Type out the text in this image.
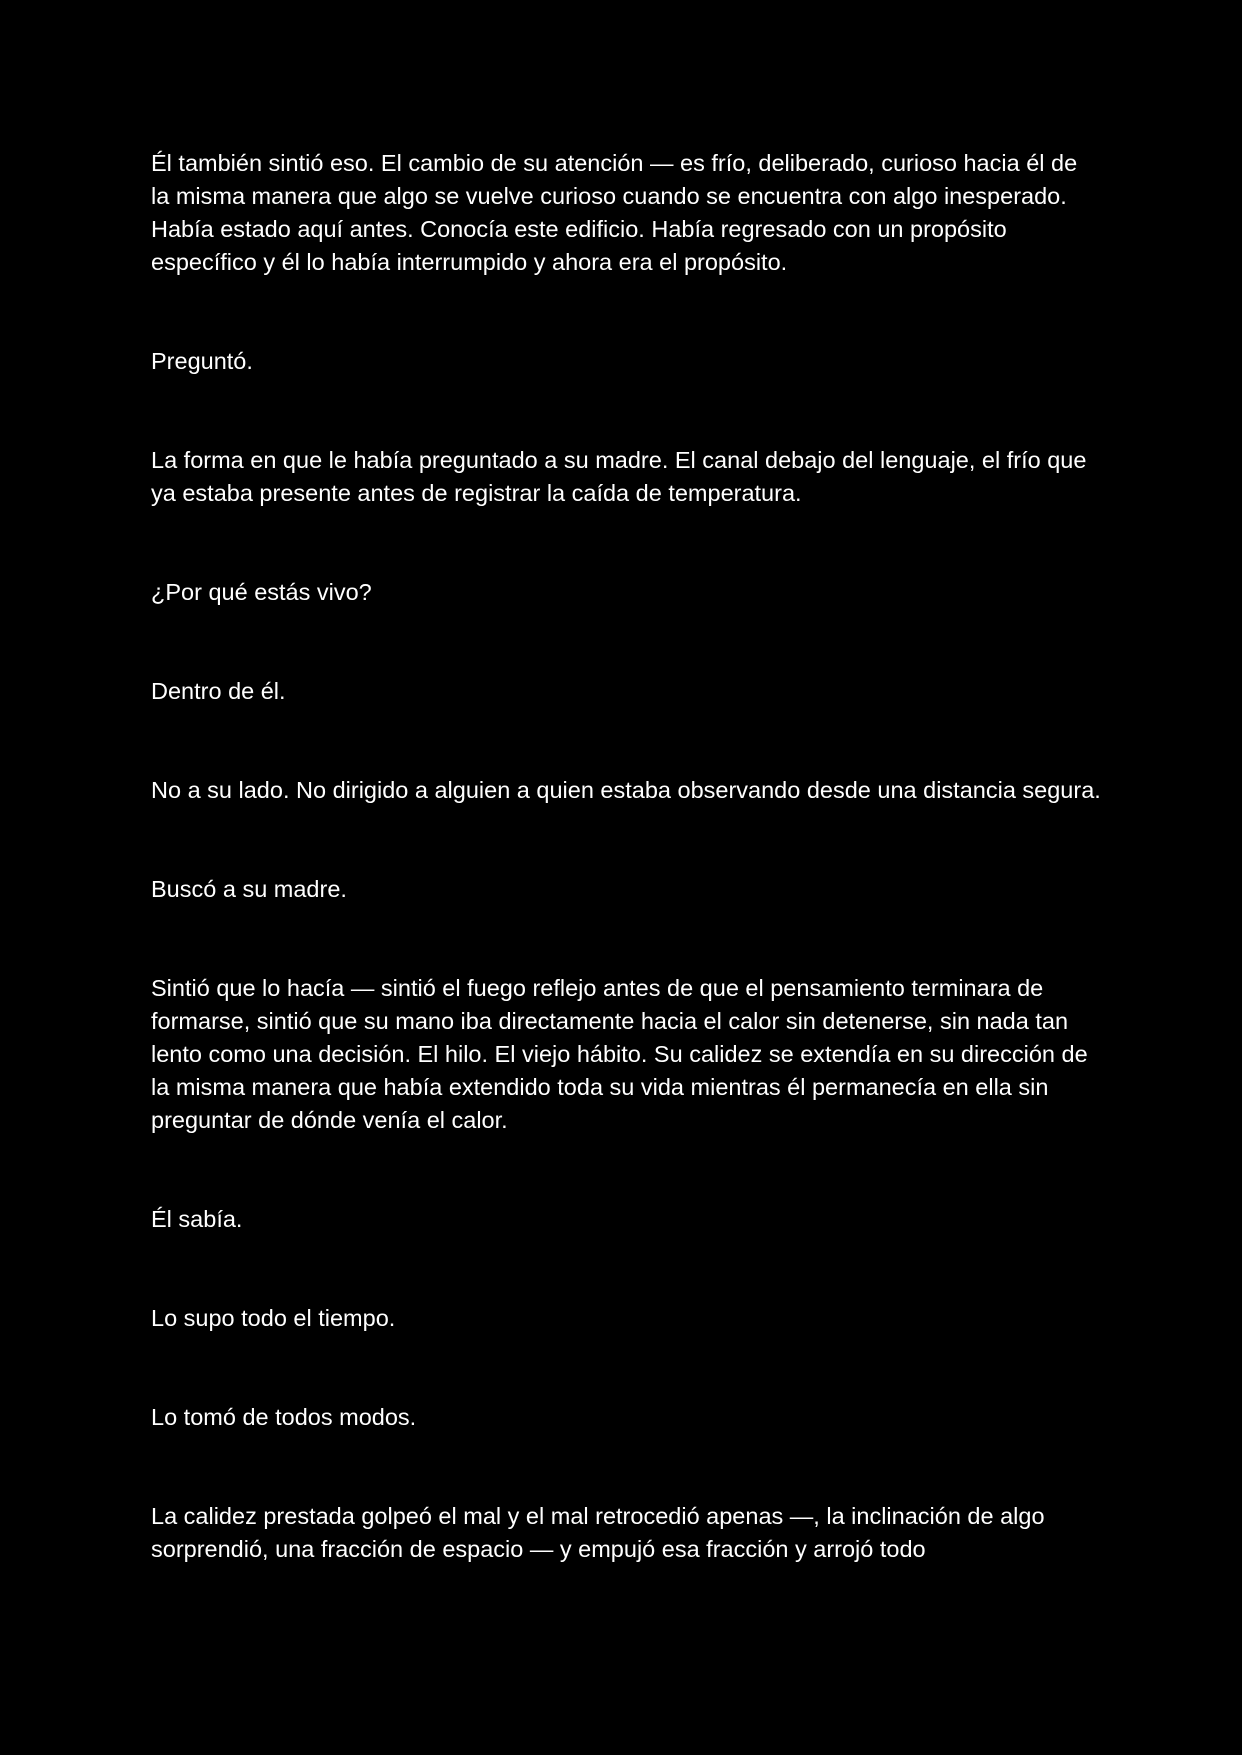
Él también sintió eso. El cambio de su atención — es frío, deliberado, curioso hacia él de la misma manera que algo se vuelve curioso cuando se encuentra con algo inesperado. Había estado aquí antes. Conocía este edificio. Había regresado con un propósito específico y él lo había interrumpido y ahora era el propósito.

Preguntó.

La forma en que le había preguntado a su madre. El canal debajo del lenguaje, el frío que ya estaba presente antes de registrar la caída de temperatura.

¿Por qué estás vivo?

Dentro de él.

No a su lado. No dirigido a alguien a quien estaba observando desde una distancia segura.

Buscó a su madre.

Sintió que lo hacía — sintió el fuego reflejo antes de que el pensamiento terminara de formarse, sintió que su mano iba directamente hacia el calor sin detenerse, sin nada tan lento como una decisión. El hilo. El viejo hábito. Su calidez se extendía en su dirección de la misma manera que había extendido toda su vida mientras él permanecía en ella sin preguntar de dónde venía el calor.

Él sabía.

Lo supo todo el tiempo.

Lo tomó de todos modos.

La calidez prestada golpeó el mal y el mal retrocedió apenas —, la inclinación de algo sorprendió, una fracción de espacio — y empujó esa fracción y arrojó todo
